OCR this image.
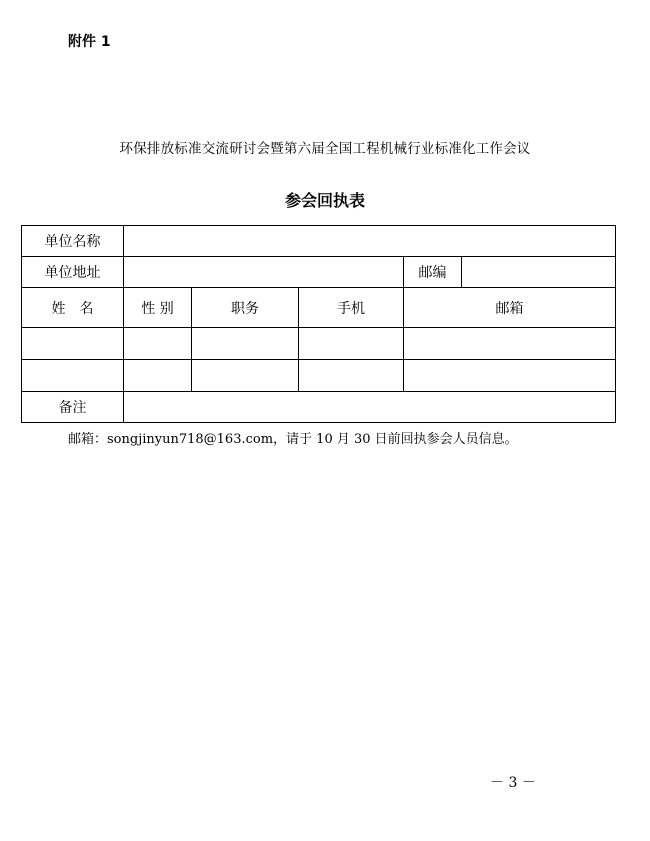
附件 1
环保排放标准交流研讨会暨第六届全国工程机械行业标准化工作会议
参会回执表
单位名称					
单位地址				邮编	
姓　名	性 别	职务	手机	邮箱	

备注					
邮箱：songjinyun718@163.com，请于 10 月 30 日前回执参会人员信息。
－ 3 －
